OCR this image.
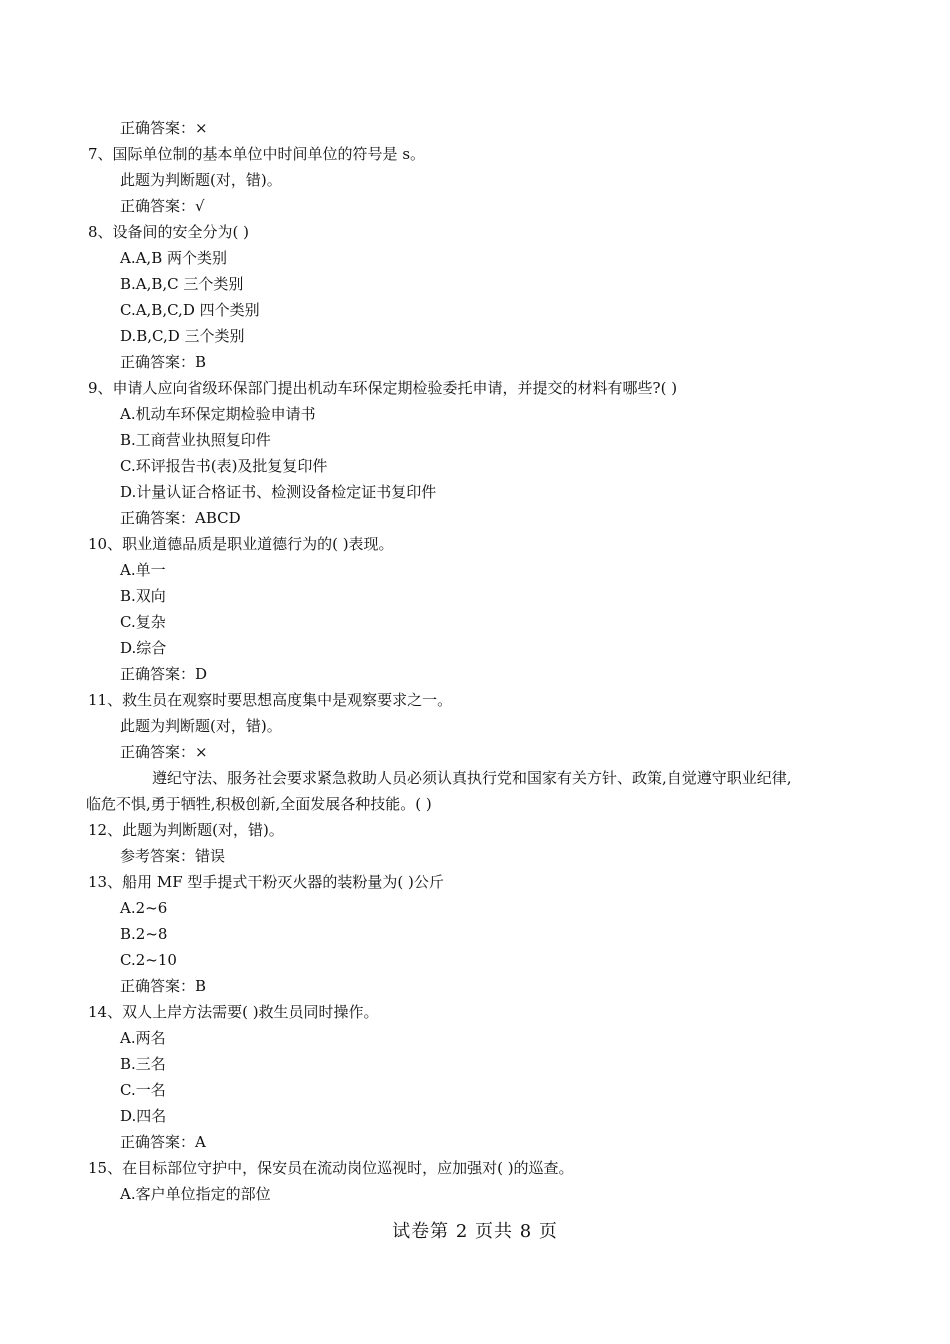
正确答案：×
7、国际单位制的基本单位中时间单位的符号是 s。
此题为判断题(对，错)。
正确答案：√
8、设备间的安全分为( )
A.A,B 两个类别
B.A,B,C 三个类别
C.A,B,C,D 四个类别
D.B,C,D 三个类别
正确答案：B
9、申请人应向省级环保部门提出机动车环保定期检验委托申请，并提交的材料有哪些?( )
A.机动车环保定期检验申请书
B.工商营业执照复印件
C.环评报告书(表)及批复复印件
D.计量认证合格证书、检测设备检定证书复印件
正确答案：ABCD
10、职业道德品质是职业道德行为的( )表现。
A.单一
B.双向
C.复杂
D.综合
正确答案：D
11、救生员在观察时要思想高度集中是观察要求之一。
此题为判断题(对，错)。
正确答案：×
遵纪守法、服务社会要求紧急救助人员必须认真执行党和国家有关方针、政策,自觉遵守职业纪律,
临危不惧,勇于牺牲,积极创新,全面发展各种技能。( )
12、此题为判断题(对，错)。
参考答案：错误
13、船用 MF 型手提式干粉灭火器的装粉量为( )公斤
A.2~6
B.2~8
C.2~10
正确答案：B
14、双人上岸方法需要( )救生员同时操作。
A.两名
B.三名
C.一名
D.四名
正确答案：A
15、在目标部位守护中，保安员在流动岗位巡视时，应加强对( )的巡查。
A.客户单位指定的部位
试卷第 2 页共 8 页
